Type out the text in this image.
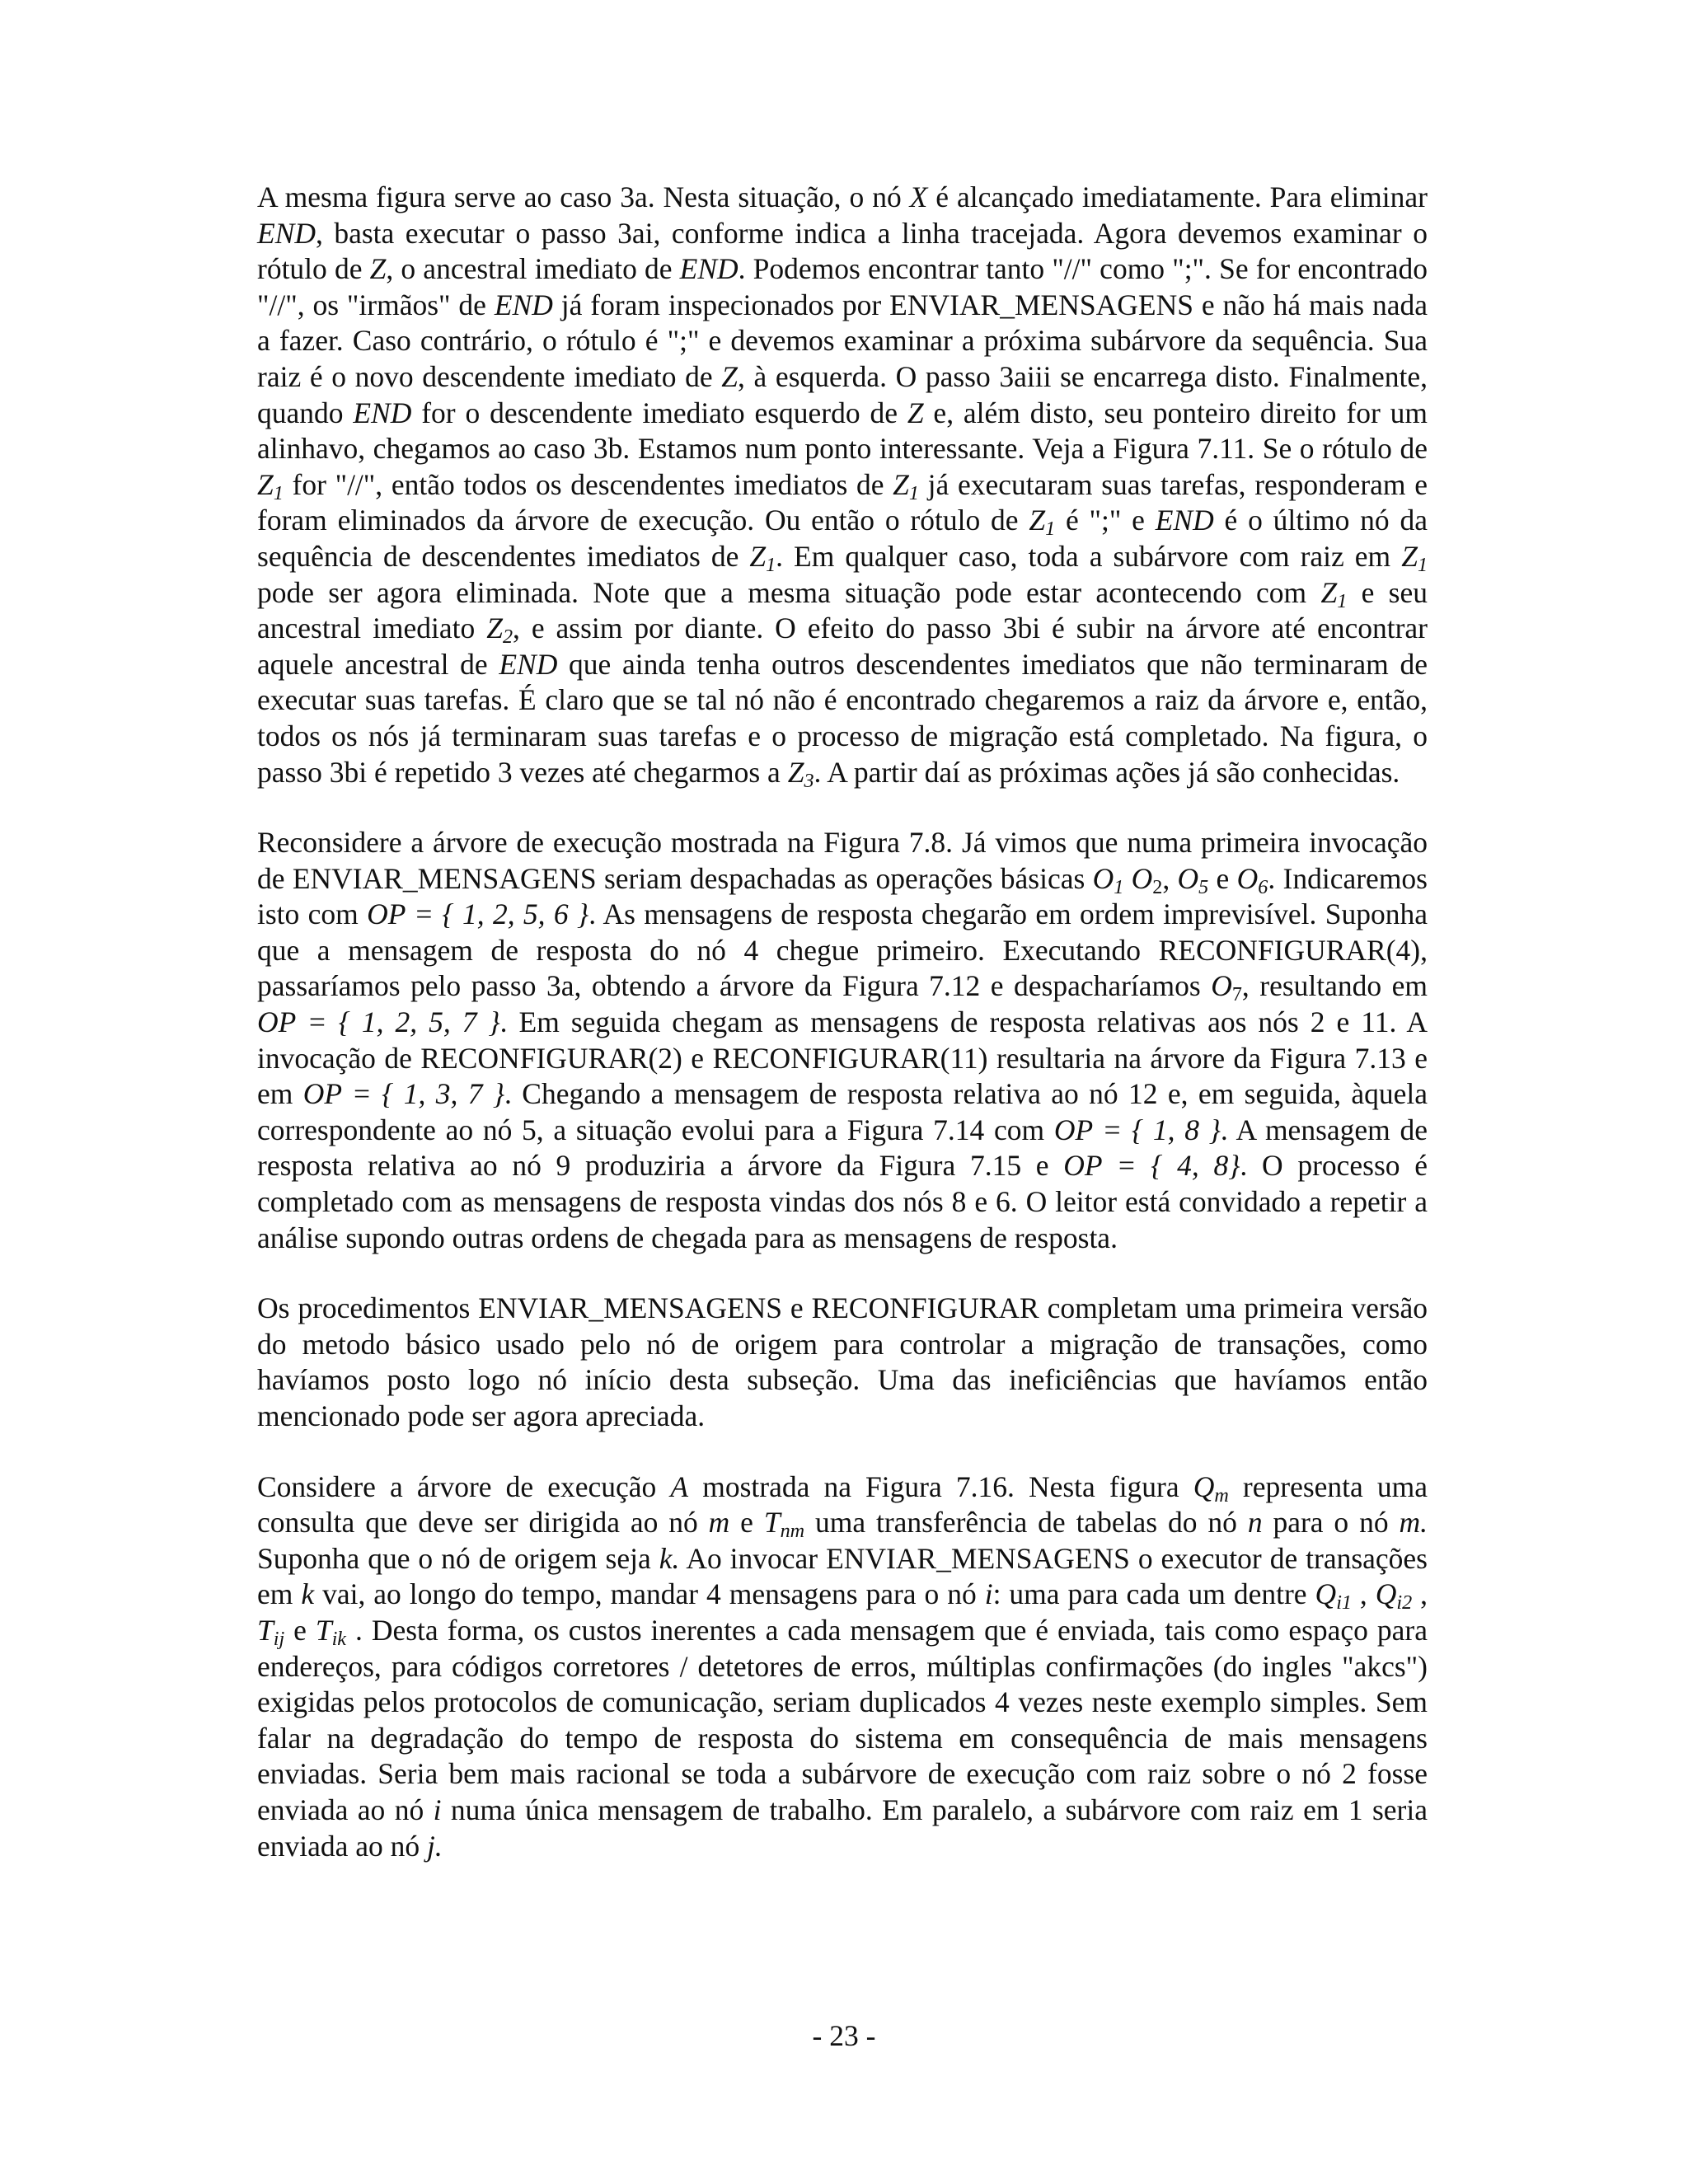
A mesma figura serve ao caso 3a. Nesta situação, o nó X é alcançado imediatamente. Para eliminar END, basta executar o passo 3ai, conforme indica a linha tracejada. Agora devemos examinar o rótulo de Z, o ancestral imediato de END. Podemos encontrar tanto "//" como ";". Se for encontrado "//", os "irmãos" de END já foram inspecionados por ENVIAR_MENSAGENS e não há mais nada a fazer. Caso contrário, o rótulo é ";" e devemos examinar a próxima subárvore da sequência. Sua raiz é o novo descendente imediato de Z, à esquerda. O passo 3aiii se encarrega disto. Finalmente, quando END for o descendente imediato esquerdo de Z e, além disto, seu ponteiro direito for um alinhavo, chegamos ao caso 3b. Estamos num ponto interessante. Veja a Figura 7.11. Se o rótulo de $Z_1$ for "//", então todos os descendentes imediatos de $Z_1$ já executaram suas tarefas, responderam e foram eliminados da árvore de execução. Ou então o rótulo de $Z_1$ é ";" e END é o último nó da sequência de descendentes imediatos de $Z_1$. Em qualquer caso, toda a subárvore com raiz em $Z_1$ pode ser agora eliminada. Note que a mesma situação pode estar acontecendo com $Z_1$ e seu ancestral imediato $Z_2$, e assim por diante. O efeito do passo 3bi é subir na árvore até encontrar aquele ancestral de END que ainda tenha outros descendentes imediatos que não terminaram de executar suas tarefas. É claro que se tal nó não é encontrado chegaremos a raiz da árvore e, então, todos os nós já terminaram suas tarefas e o processo de migração está completado. Na figura, o passo 3bi é repetido 3 vezes até chegarmos a $Z_3$. A partir daí as próximas ações já são conhecidas.

Reconsidere a árvore de execução mostrada na Figura 7.8. Já vimos que numa primeira invocação de ENVIAR_MENSAGENS seriam despachadas as operações básicas $O_1$ $O_2$, $O_5$ e $O_6$. Indicaremos isto com OP = { 1, 2, 5, 6 }. As mensagens de resposta chegarão em ordem imprevisível. Suponha que a mensagem de resposta do nó 4 chegue primeiro. Executando RECONFIGURAR(4), passaríamos pelo passo 3a, obtendo a árvore da Figura 7.12 e despacharíamos $O_7$, resultando em OP = { 1, 2, 5, 7 }. Em seguida chegam as mensagens de resposta relativas aos nós 2 e 11. A invocação de RECONFIGURAR(2) e RECONFIGURAR(11) resultaria na árvore da Figura 7.13 e em OP = { 1, 3, 7 }. Chegando a mensagem de resposta relativa ao nó 12 e, em seguida, àquela correspondente ao nó 5, a situação evolui para a Figura 7.14 com OP = { 1, 8 }. A mensagem de resposta relativa ao nó 9 produziria a árvore da Figura 7.15 e OP = { 4, 8}. O processo é completado com as mensagens de resposta vindas dos nós 8 e 6. O leitor está convidado a repetir a análise supondo outras ordens de chegada para as mensagens de resposta.

Os procedimentos ENVIAR_MENSAGENS e RECONFIGURAR completam uma primeira versão do metodo básico usado pelo nó de origem para controlar a migração de transações, como havíamos posto logo nó início desta subseção. Uma das ineficiências que havíamos então mencionado pode ser agora apreciada.

Considere a árvore de execução A mostrada na Figura 7.16. Nesta figura $Q_m$ representa uma consulta que deve ser dirigida ao nó m e $T_{nm}$ uma transferência de tabelas do nó n para o nó m. Suponha que o nó de origem seja k. Ao invocar ENVIAR_MENSAGENS o executor de transações em k vai, ao longo do tempo, mandar 4 mensagens para o nó i: uma para cada um dentre $Q_{i1}$ , $Q_{i2}$ , $T_{ij}$ e $T_{ik}$ . Desta forma, os custos inerentes a cada mensagem que é enviada, tais como espaço para endereços, para códigos corretores / detetores de erros, múltiplas confirmações (do ingles "akcs") exigidas pelos protocolos de comunicação, seriam duplicados 4 vezes neste exemplo simples. Sem falar na degradação do tempo de resposta do sistema em consequência de mais mensagens enviadas. Seria bem mais racional se toda a subárvore de execução com raiz sobre o nó 2 fosse enviada ao nó i numa única mensagem de trabalho. Em paralelo, a subárvore com raiz em 1 seria enviada ao nó j.

- 23 -
